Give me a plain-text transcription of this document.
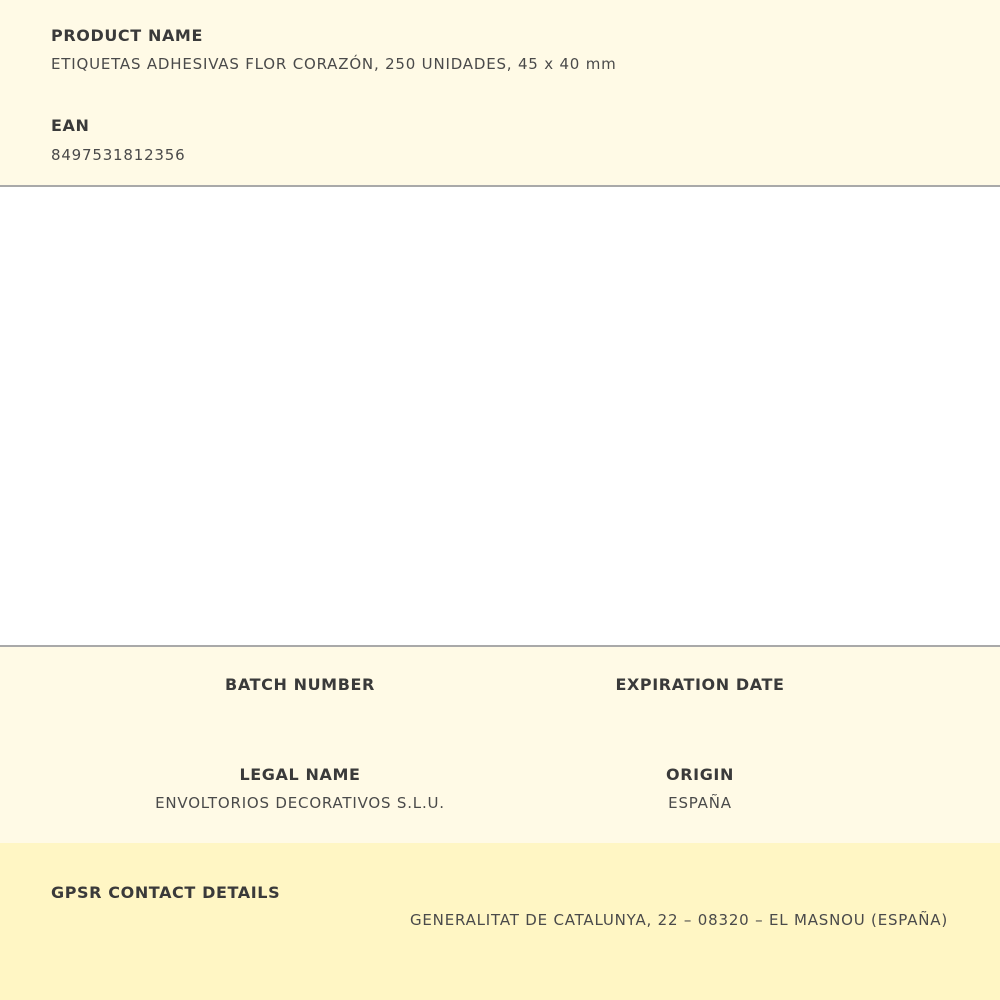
PRODUCT NAME
ETIQUETAS ADHESIVAS FLOR CORAZÓN, 250 UNIDADES, 45 x 40 mm
EAN
8497531812356
BATCH NUMBER	EXPIRATION DATE
LEGAL NAME
ENVOLTORIOS DECORATIVOS S.L.U.
ORIGIN
ESPAÑA
GPSR CONTACT DETAILS
GENERALITAT DE CATALUNYA, 22 – 08320 – EL MASNOU (ESPAÑA)
